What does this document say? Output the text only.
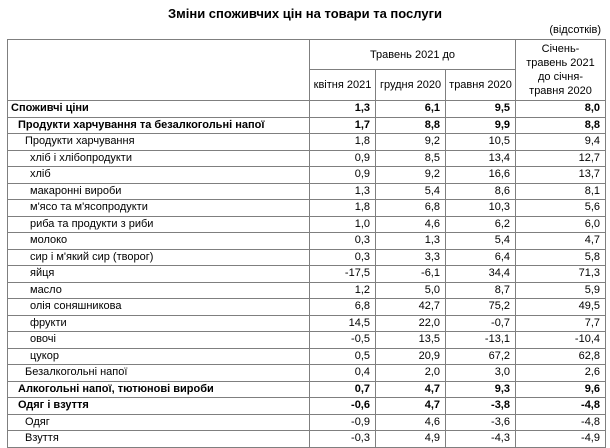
Зміни споживчих цін на товари та послуги
(відсотків)
	Травень 2021 до			Січень-травень 2021 до січня-травня 2020
	квітня 2021	грудня 2020	травня 2020	
Споживчі ціни	1,3	6,1	9,5	8,0
Продукти харчування та безалкогольні напої	1,7	8,8	9,9	8,8
Продукти харчування	1,8	9,2	10,5	9,4
хліб і хлібопродукти	0,9	8,5	13,4	12,7
хліб	0,9	9,2	16,6	13,7
макаронні вироби	1,3	5,4	8,6	8,1
м'ясо та м'ясопродукти	1,8	6,8	10,3	5,6
риба та продукти з риби	1,0	4,6	6,2	6,0
молоко	0,3	1,3	5,4	4,7
сир і м'який сир (творог)	0,3	3,3	6,4	5,8
яйця	-17,5	-6,1	34,4	71,3
масло	1,2	5,0	8,7	5,9
олія соняшникова	6,8	42,7	75,2	49,5
фрукти	14,5	22,0	-0,7	7,7
овочі	-0,5	13,5	-13,1	-10,4
цукор	0,5	20,9	67,2	62,8
Безалкогольні напої	0,4	2,0	3,0	2,6
Алкогольні напої, тютюнові вироби	0,7	4,7	9,3	9,6
Одяг і взуття	-0,6	4,7	-3,8	-4,8
Одяг	-0,9	4,6	-3,6	-4,8
Взуття	-0,3	4,9	-4,3	-4,9
